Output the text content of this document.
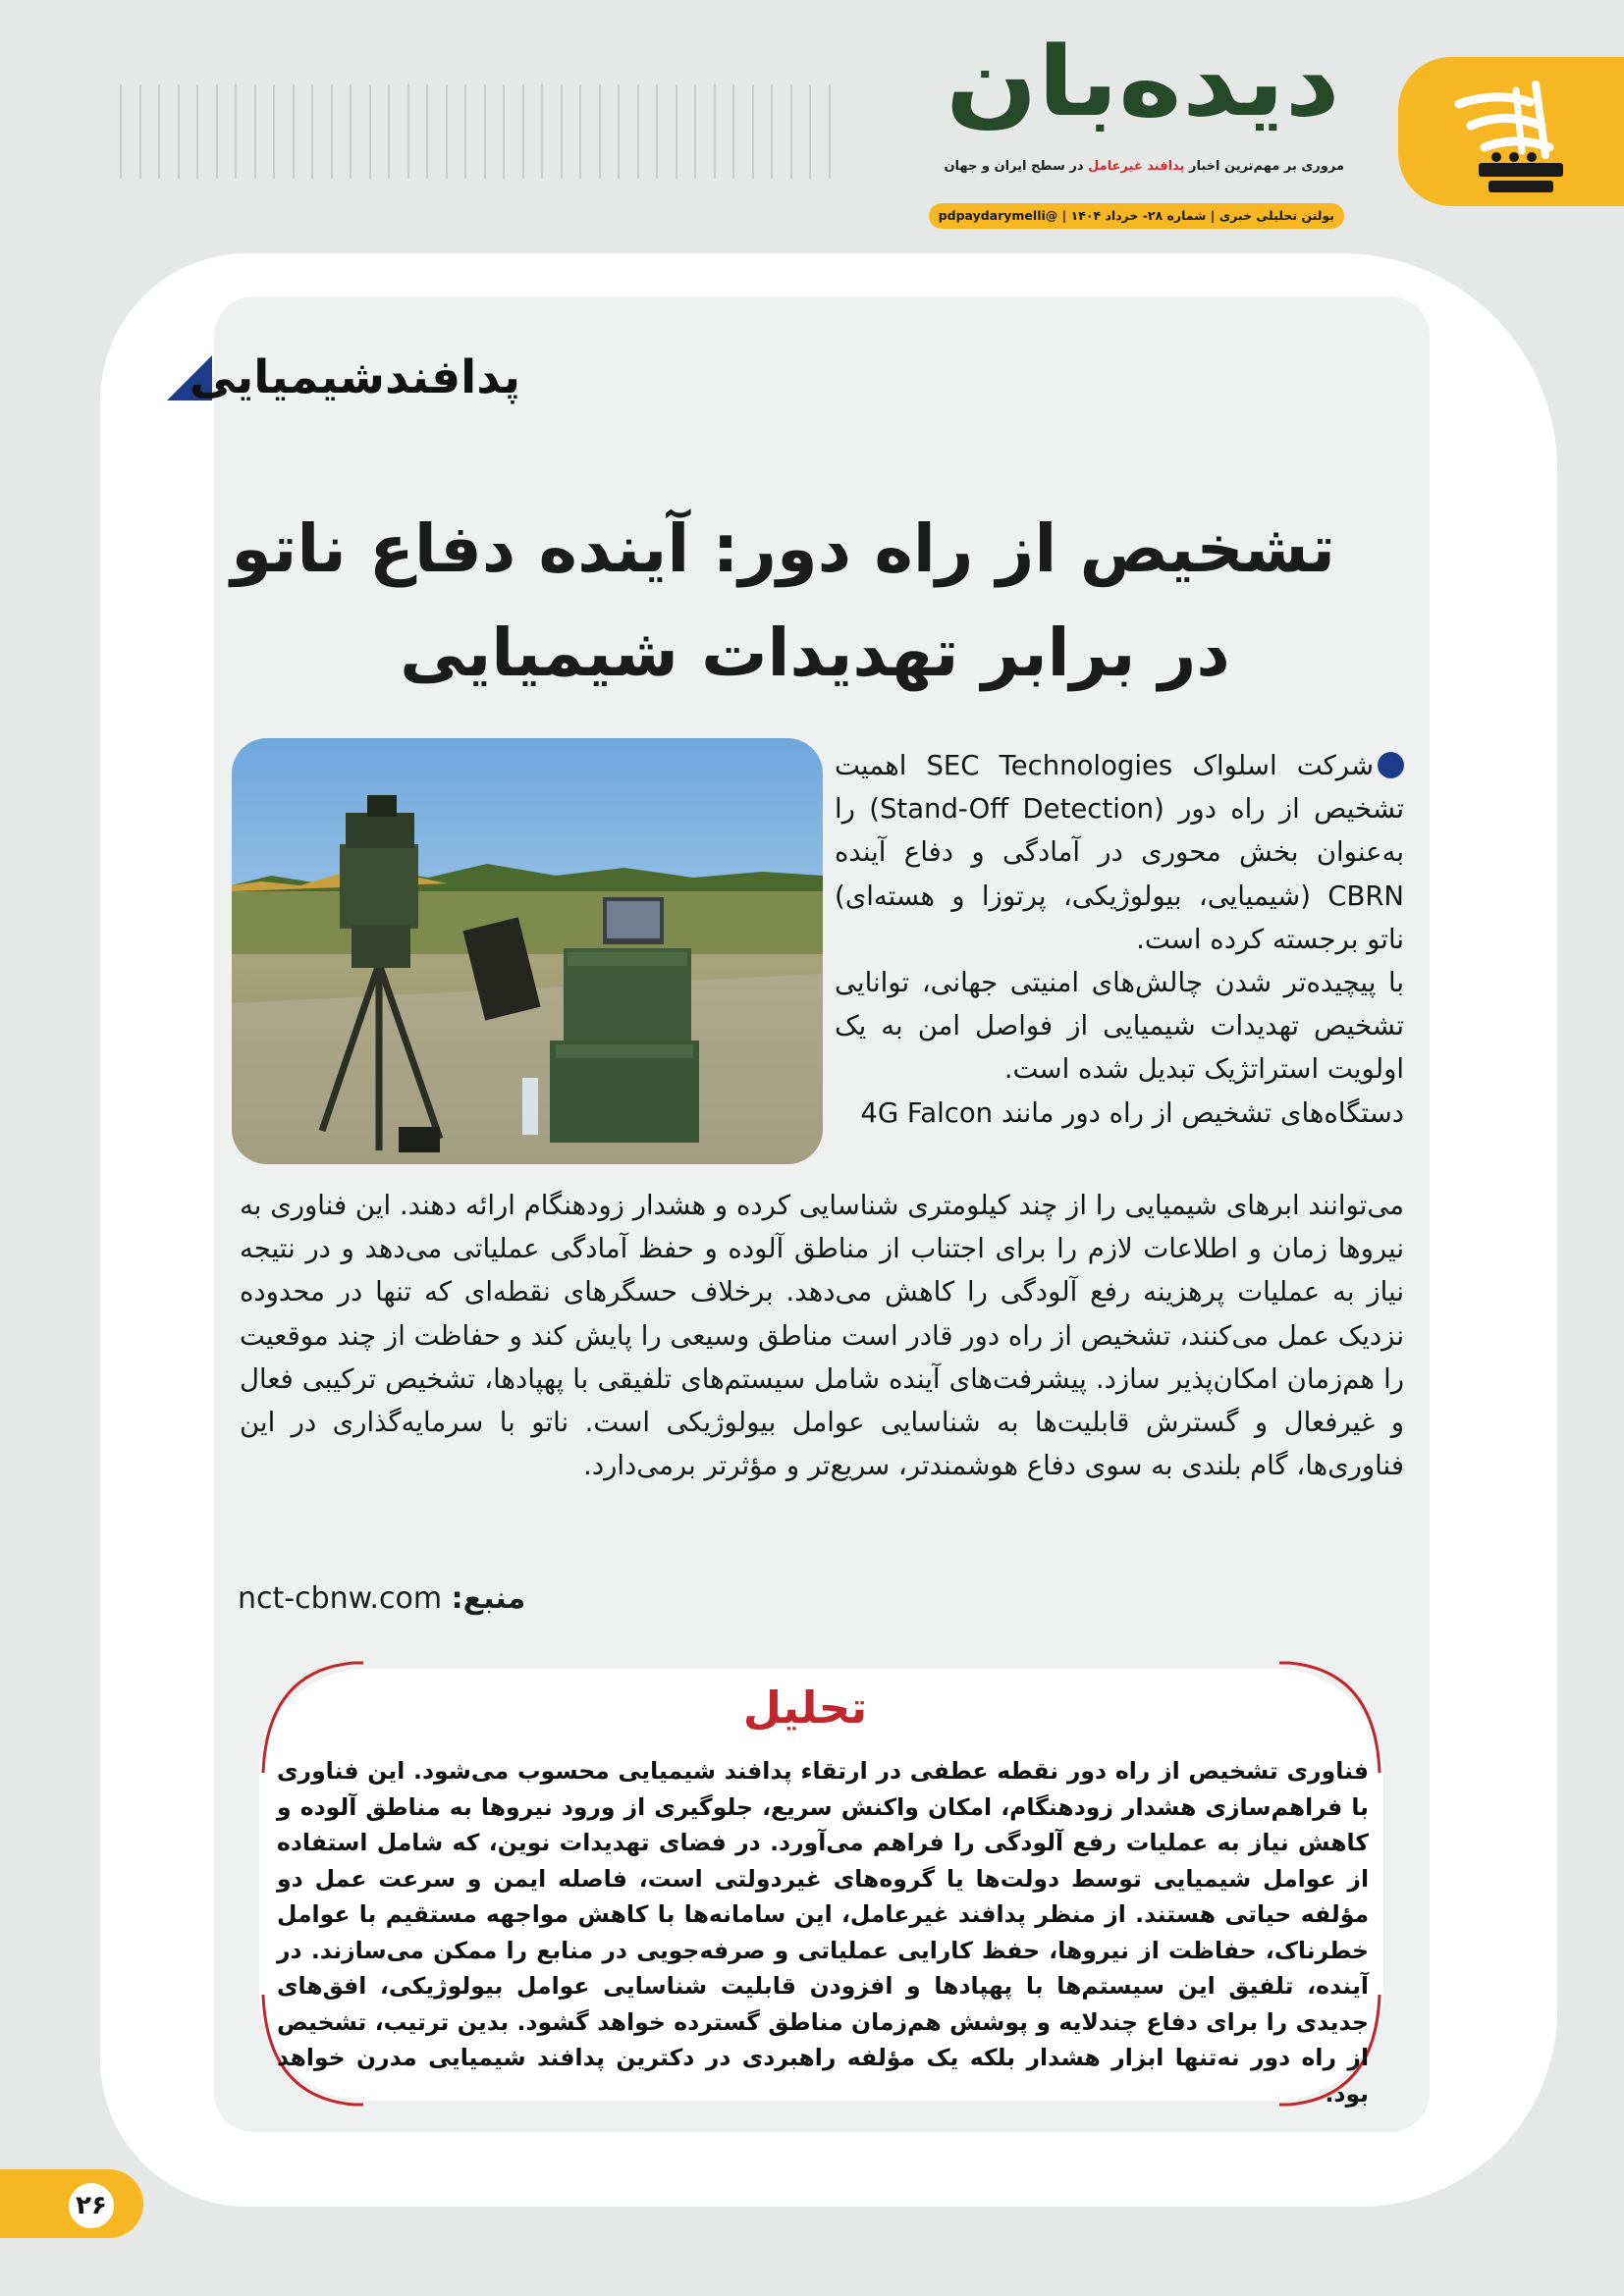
دیده‌بان
مروری بر مهم‌ترین اخبار پدافند غیرعامل در سطح ایران و جهان
بولتن تحلیلی خبری | شماره ۲۸- خرداد ۱۴۰۴ | @pdpaydarymelli
پدافندشیمیایی
تشخیص از راه دور: آینده دفاع ناتو
در برابر تهدیدات شیمیایی

شرکت اسلواک SEC Technologies اهمیت تشخیص از راه دور (Stand-Off Detection) را به‌عنوان بخش محوری در آمادگی و دفاع آینده CBRN (شیمیایی، بیولوژیکی، پرتوزا و هسته‌ای) ناتو برجسته کرده است.

با پیچیده‌تر شدن چالش‌های امنیتی جهانی، توانایی تشخیص تهدیدات شیمیایی از فواصل امن به یک اولویت استراتژیک تبدیل شده است.

دستگاه‌های تشخیص از راه دور مانند 4G Falcon

می‌توانند ابرهای شیمیایی را از چند کیلومتری شناسایی کرده و هشدار زودهنگام ارائه دهند. این فناوری به نیروها زمان و اطلاعات لازم را برای اجتناب از مناطق آلوده و حفظ آمادگی عملیاتی می‌دهد و در نتیجه نیاز به عملیات پرهزینه رفع آلودگی را کاهش می‌دهد. برخلاف حسگرهای نقطه‌ای که تنها در محدوده نزدیک عمل می‌کنند، تشخیص از راه دور قادر است مناطق وسیعی را پایش کند و حفاظت از چند موقعیت را هم‌زمان امکان‌پذیر سازد. پیشرفت‌های آینده شامل سیستم‌های تلفیقی با پهپادها، تشخیص ترکیبی فعال و غیرفعال و گسترش قابلیت‌ها به شناسایی عوامل بیولوژیکی است. ناتو با سرمایه‌گذاری در این فناوری‌ها، گام بلندی به سوی دفاع هوشمندتر، سریع‌تر و مؤثرتر برمی‌دارد.

منبع: nct-cbnw.com
تحلیل
فناوری تشخیص از راه دور نقطه عطفی در ارتقاء پدافند شیمیایی محسوب می‌شود. این فناوری با فراهم‌سازی هشدار زودهنگام، امکان واکنش سریع، جلوگیری از ورود نیروها به مناطق آلوده و کاهش نیاز به عملیات رفع آلودگی را فراهم می‌آورد. در فضای تهدیدات نوین، که شامل استفاده از عوامل شیمیایی توسط دولت‌ها یا گروه‌های غیردولتی است، فاصله ایمن و سرعت عمل دو مؤلفه حیاتی هستند. از منظر پدافند غیرعامل، این سامانه‌ها با کاهش مواجهه مستقیم با عوامل خطرناک، حفاظت از نیروها، حفظ کارایی عملیاتی و صرفه‌جویی در منابع را ممکن می‌سازند. در آینده، تلفیق این سیستم‌ها با پهپادها و افزودن قابلیت شناسایی عوامل بیولوژیکی، افق‌های جدیدی را برای دفاع چندلایه و پوشش هم‌زمان مناطق گسترده خواهد گشود. بدین ترتیب، تشخیص از راه دور نه‌تنها ابزار هشدار بلکه یک مؤلفه راهبردی در دکترین پدافند شیمیایی مدرن خواهد بود.
۲۶
